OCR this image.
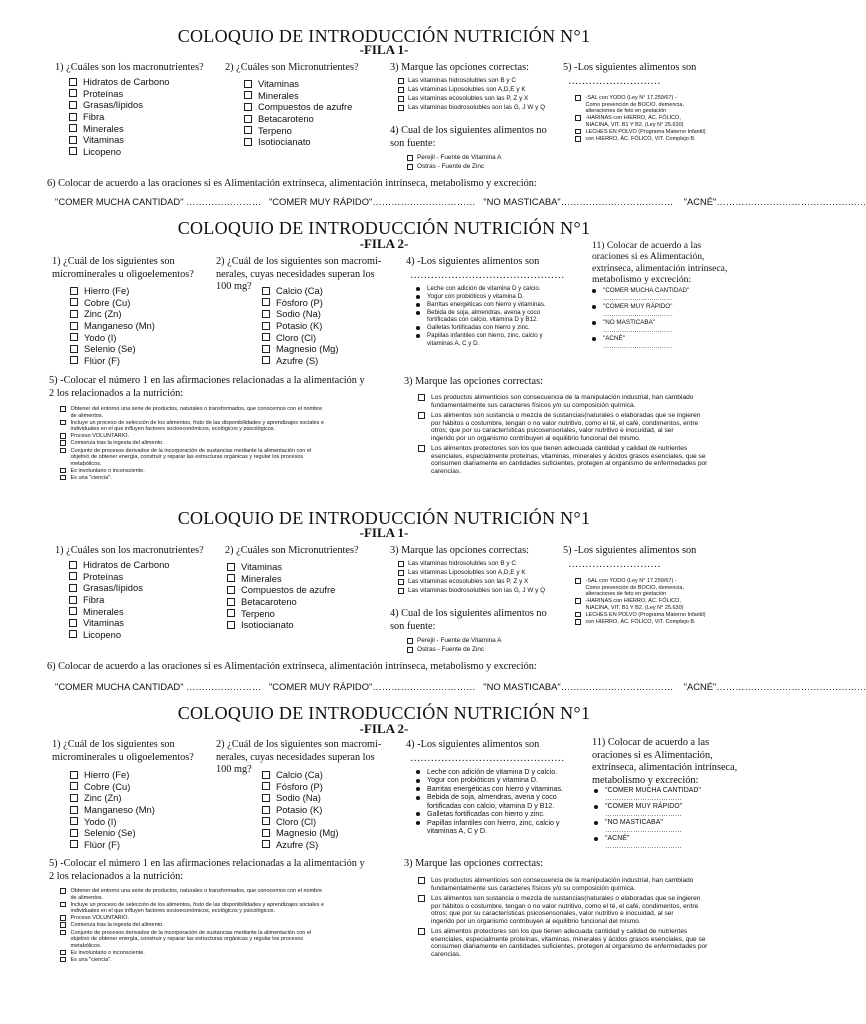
COLOQUIO DE INTRODUCCIÓN NUTRICIÓN N°1
-FILA 1-
1) ¿Cuáles son los macronutrientes?
Hidratos de Carbono
Proteínas
Grasas/lípidos
Fibra
Minerales
Vitaminas
Licopeno
2) ¿Cuáles son Micronutrientes?
Vitaminas
Minerales
Compuestos de azufre
Betacaroteno
Terpeno
Isotiocianato
3) Marque las opciones correctas:
Las vitaminas hidrosolubles son B y C
Las vitaminas Liposolubles son A,D,E y K
Las vitaminas ecosolubles son las P, Z y X
Las vitaminas biodrosolubles son las G, J W y Q
4) Cual de los siguientes alimentos no son fuente:
Perejil - Fuente de Vitamina A
Ostras - Fuente de Zinc
5) -Los siguientes alimentos son
………………………
-SAL con YODO (Ley N° 17.259/67) -
Como prevención de BOCIO, demencia,
alteraciones de feto en gestación
-HARINAS con HIERRO, ÁC. FÓLICO,
NIACINA, VIT. B1 Y B2. (Ley N° 25.630)
LECHES EN POLVO (Programa Materno Infantil)
con HIERRO, ÁC. FÓLICO, VIT. Complejo B.
6) Colocar de acuerdo a las oraciones si es Alimentación extrínseca, alimentación intrínseca, metabolismo y excreción:
"COMER MUCHA CANTIDAD" ……………………   "COMER MUY RÁPIDO"……………………………   "NO MASTICABA"………………………………    "ACNÉ"…………………………………………
COLOQUIO DE INTRODUCCIÓN NUTRICIÓN N°1
-FILA 2-
1) ¿Cuál de los siguientes son
microminerales u oligoelementos?
Hierro (Fe)
Cobre (Cu)
Zinc (Zn)
Manganeso (Mn)
Yodo (I)
Selenio (Se)
Flúor (F)
2) ¿Cuál de los siguientes son macromi-
nerales, cuyas necesidades superan los
100 mg?	Calcio (Ca)
Fósforo (P)
Sodio (Na)
Potasio (K)
Cloro (Cl)
Magnesio (Mg)
Azufre (S)
4) -Los siguientes alimentos son
………………………………………
Leche con adición de vitamina D y calcio.
Yogur con probióticos y vitamina D.
Barritas energéticas con hierro y vitaminas.
Bebida de soja, almendras, avena y coco
fortificadas con calcio, vitamina D y B12.
Galletas fortificadas con hierro y zinc.
Papillas infantiles con hierro, zinc, calcio y
vitaminas A, C y D.
11) Colocar de acuerdo a las
oraciones si es Alimentación,
extrínseca, alimentación intrínseca,
metabolismo y excreción:
"COMER MUCHA CANTIDAD"
……………………………
"COMER MUY RÁPIDO"
……………………………
"NO MASTICABA"
……………………………
"ACNÉ"
……………………………
5) -Colocar el número 1 en las afirmaciones relacionadas a la alimentación y
2 los relacionados a la nutrición:
Obtener del entorno una serie de productos, naturales o transformados, que conocemos con el nombre
de alimentos.
Incluye un proceso de selección de los alimentos, fruto de las disponibilidades y aprendizajes sociales e
individuales en el que influyen factores socioeconómicos, ecológicos y psicológicos.
Proceso VOLUNTARIO.
Comienza tras la ingesta del alimento.
Conjunto de procesos derivados de la incorporación de sustancias mediante la alimentación con el
objetivo de obtener energía, construir y reparar las estructuras orgánicas y regular los procesos
metabólicos.
Es involuntario o inconsciente.
Es una "ciencia".
3) Marque las opciones correctas:
Los productos alimenticios son consecuencia de la manipulación industrial, han cambiado
fundamentalmente sus caracteres físicos y/o su composición química.
Los alimentos son sustancia o mezcla de sustancias(naturales o elaboradas que se ingieren
por hábitos o costumbre, tengan o no valor nutritivo, como el té, el café, condimentos, entre
otros; que por su características psicosensoriales, valor nutritivo e inocuidad, al ser
ingerido por un organismo contribuyen al equilibrio funcional del mismo.
Los alimentos protectores son los que tienen adecuada cantidad y calidad de nutrientes
esenciales, especialmente proteínas, vitaminas, minerales y ácidos grasos esenciales, que se
consumen diariamente en cantidades suficientes, protegen al organismo de enfermedades por
carencias.
COLOQUIO DE INTRODUCCIÓN NUTRICIÓN N°1
-FILA 1-
1) ¿Cuáles son los macronutrientes?
Hidratos de Carbono
Proteínas
Grasas/lípidos
Fibra
Minerales
Vitaminas
Licopeno
2) ¿Cuáles son Micronutrientes?
Vitaminas
Minerales
Compuestos de azufre
Betacaroteno
Terpeno
Isotiocianato
3) Marque las opciones correctas:
Las vitaminas hidrosolubles son B y C
Las vitaminas Liposolubles son A,D,E y K
Las vitaminas ecosolubles son las P, Z y X
Las vitaminas biodrosolubles son las G, J W y Q
4) Cual de los siguientes alimentos no son fuente:
Perejil - Fuente de Vitamina A
Ostras - Fuente de Zinc
5) -Los siguientes alimentos son
………………………
-SAL con YODO (Ley N° 17.259/67) -
Como prevención de BOCIO, demencia,
alteraciones de feto en gestación
-HARINAS con HIERRO, ÁC. FÓLICO,
NIACINA, VIT. B1 Y B2. (Ley N° 25.630)
LECHES EN POLVO (Programa Materno Infantil)
con HIERRO, ÁC. FÓLICO, VIT. Complejo B.
6) Colocar de acuerdo a las oraciones si es Alimentación extrínseca, alimentación intrínseca, metabolismo y excreción:
"COMER MUCHA CANTIDAD" ……………………   "COMER MUY RÁPIDO"……………………………   "NO MASTICABA"………………………………    "ACNÉ"…………………………………………
COLOQUIO DE INTRODUCCIÓN NUTRICIÓN N°1
-FILA 2-
1) ¿Cuál de los siguientes son
microminerales u oligoelementos?
Hierro (Fe)
Cobre (Cu)
Zinc (Zn)
Manganeso (Mn)
Yodo (I)
Selenio (Se)
Flúor (F)
2) ¿Cuál de los siguientes son macromi-
nerales, cuyas necesidades superan los
100 mg?	Calcio (Ca)
Fósforo (P)
Sodio (Na)
Potasio (K)
Cloro (Cl)
Magnesio (Mg)
Azufre (S)
4) -Los siguientes alimentos son
………………………………………
Leche con adición de vitamina D y calcio.
Yogur con probióticos y vitamina D.
Barritas energéticas con hierro y vitaminas.
Bebida de soja, almendras, avena y coco
fortificadas con calcio, vitamina D y B12.
Galletas fortificadas con hierro y zinc.
Papillas infantiles con hierro, zinc, calcio y
vitaminas A, C y D.
11) Colocar de acuerdo a las
oraciones si es Alimentación,
extrínseca, alimentación intrínseca,
metabolismo y excreción:
"COMER MUCHA CANTIDAD"
……………………………
"COMER MUY RÁPIDO"
……………………………
"NO MASTICABA"
……………………………
"ACNÉ"
……………………………
5) -Colocar el número 1 en las afirmaciones relacionadas a la alimentación y
2 los relacionados a la nutrición:
Obtener del entorno una serie de productos, naturales o transformados, que conocemos con el nombre
de alimentos.
Incluye un proceso de selección de los alimentos, fruto de las disponibilidades y aprendizajes sociales e
individuales en el que influyen factores socioeconómicos, ecológicos y psicológicos.
Proceso VOLUNTARIO.
Comienza tras la ingesta del alimento.
Conjunto de procesos derivados de la incorporación de sustancias mediante la alimentación con el
objetivo de obtener energía, construir y reparar las estructuras orgánicas y regular los procesos
metabólicos.
Es involuntario o inconsciente.
Es una "ciencia".
3) Marque las opciones correctas:
Los productos alimenticios son consecuencia de la manipulación industrial, han cambiado
fundamentalmente sus caracteres físicos y/o su composición química.
Los alimentos son sustancia o mezcla de sustancias(naturales o elaboradas que se ingieren
por hábitos o costumbre, tengan o no valor nutritivo, como el té, el café, condimentos, entre
otros; que por su características psicosensoriales, valor nutritivo e inocuidad, al ser
ingerido por un organismo contribuyen al equilibrio funcional del mismo.
Los alimentos protectores son los que tienen adecuada cantidad y calidad de nutrientes
esenciales, especialmente proteínas, vitaminas, minerales y ácidos grasos esenciales, que se
consumen diariamente en cantidades suficientes, protegen al organismo de enfermedades por
carencias.
